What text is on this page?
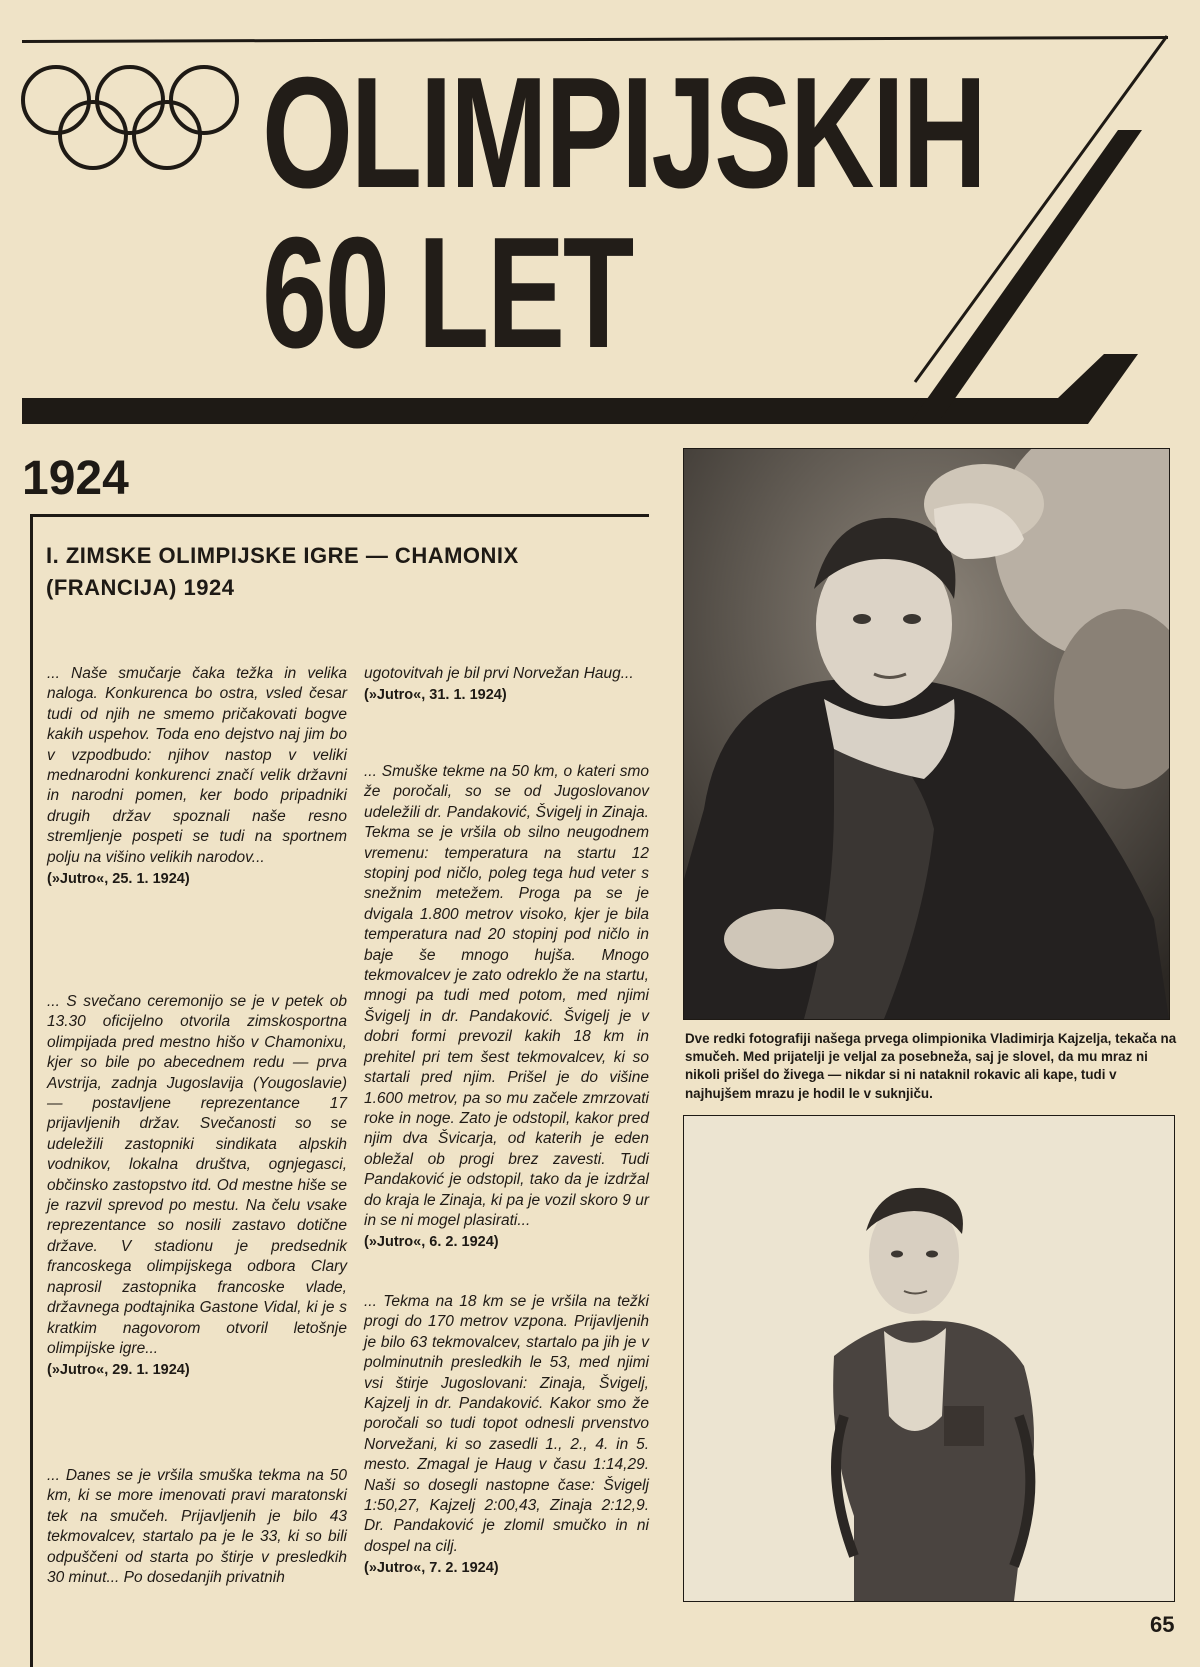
OLIMPIJSKIH
60 LET
1924
I. ZIMSKE OLIMPIJSKE IGRE — CHAMONIX (FRANCIJA) 1924

... Naše smučarje čaka težka in velika naloga. Konkurenca bo ostra, vsled česar tudi od njih ne smemo pričakovati bogve kakih uspehov. Toda eno dejstvo naj jim bo v vzpodbudo: njihov nastop v veliki mednarodni konkurenci značí velik državni in narodni pomen, ker bodo pripadniki drugih držav spoznali naše resno stremljenje pospeti se tudi na sportnem polju na višino velikih narodov...

(»Jutro«, 25. 1. 1924)

... S svečano ceremonijo se je v petek ob 13.30 oficijelno otvorila zimskosportna olimpijada pred mestno hišo v Chamonixu, kjer so bile po abecednem redu — prva Avstrija, zadnja Jugoslavija (Yougoslavie) — postavljene reprezentance 17 prijavljenih držav. Svečanosti so se udeležili zastopniki sindikata alpskih vodnikov, lokalna društva, ognjegasci, občinsko zastopstvo itd. Od mestne hiše se je razvil sprevod po mestu. Na čelu vsake reprezentance so nosili zastavo dotične države. V stadionu je predsednik francoskega olimpijskega odbora Clary naprosil zastopnika francoske vlade, državnega podtajnika Gastone Vidal, ki je s kratkim nagovorom otvoril letošnje olimpijske igre...

(»Jutro«, 29. 1. 1924)

... Danes se je vršila smuška tekma na 50 km, ki se more imenovati pravi maratonski tek na smučeh. Prijavljenih je bilo 43 tekmovalcev, startalo pa je le 33, ki so bili odpuščeni od starta po štirje v presledkih 30 minut... Po dosedanjih privatnih

ugotovitvah je bil prvi Norvežan Haug...

(»Jutro«, 31. 1. 1924)

... Smuške tekme na 50 km, o kateri smo že poročali, so se od Jugoslovanov udeležili dr. Pandaković, Švigelj in Zinaja. Tekma se je vršila ob silno neugodnem vremenu: temperatura na startu 12 stopinj pod ničlo, poleg tega hud veter s snežnim metežem. Proga pa se je dvigala 1.800 metrov visoko, kjer je bila temperatura nad 20 stopinj pod ničlo in baje še mnogo hujša. Mnogo tekmovalcev je zato odreklo že na startu, mnogi pa tudi med potom, med njimi Švigelj in dr. Pandaković. Švigelj je v dobri formi prevozil kakih 18 km in prehitel pri tem šest tekmovalcev, ki so startali pred njim. Prišel je do višine 1.600 metrov, pa so mu začele zmrzovati roke in noge. Zato je odstopil, kakor pred njim dva Švicarja, od katerih je eden obležal ob progi brez zavesti. Tudi Pandaković je odstopil, tako da je izdržal do kraja le Zinaja, ki pa je vozil skoro 9 ur in se ni mogel plasirati...

(»Jutro«, 6. 2. 1924)

... Tekma na 18 km se je vršila na težki progi do 170 metrov vzpona. Prijavljenih je bilo 63 tekmovalcev, startalo pa jih je v polminutnih presledkih le 53, med njimi vsi štirje Jugoslovani: Zinaja, Švigelj, Kajzelj in dr. Pandaković. Kakor smo že poročali so tudi topot odnesli prvenstvo Norvežani, ki so zasedli 1., 2., 4. in 5. mesto. Zmagal je Haug v času 1:14,29. Naši so dosegli nastopne čase: Švigelj 1:50,27, Kajzelj 2:00,43, Zinaja 2:12,9. Dr. Pandaković je zlomil smučko in ni dospel na cilj.

(»Jutro«, 7. 2. 1924)

Dve redki fotografiji našega prvega olimpionika Vladimirja Kajzelja, tekača na smučeh. Med prijatelji je veljal za posebneža, saj je slovel, da mu mraz ni nikoli prišel do živega — nikdar si ni nataknil rokavic ali kape, tudi v najhujšem mrazu je hodil le v suknjiču.

65
